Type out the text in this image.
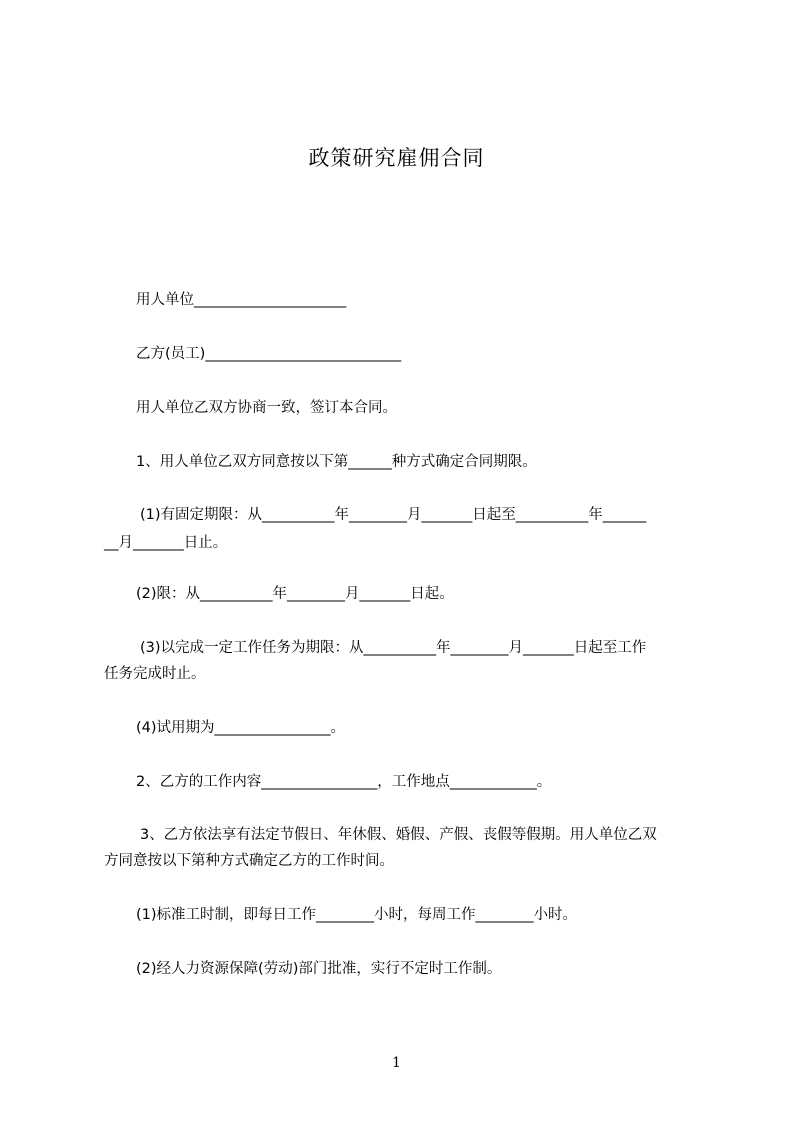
政策研究雇佣合同
用人单位_____________________
乙方(员工)___________________________
用人单位乙双方协商一致，签订本合同。
1、用人单位乙双方同意按以下第______种方式确定合同期限。
(1)有固定期限：从__________年________月_______日起至__________年______
__月_______日止。
(2)限：从__________年________月_______日起。
(3)以完成一定工作任务为期限：从__________年________月_______日起至工作
任务完成时止。
(4)试用期为________________。
2、乙方的工作内容________________，工作地点____________。
3、乙方依法享有法定节假日、年休假、婚假、产假、丧假等假期。用人单位乙双
方同意按以下第种方式确定乙方的工作时间。
(1)标准工时制，即每日工作________小时，每周工作________小时。
(2)经人力资源保障(劳动)部门批准，实行不定时工作制。
1
